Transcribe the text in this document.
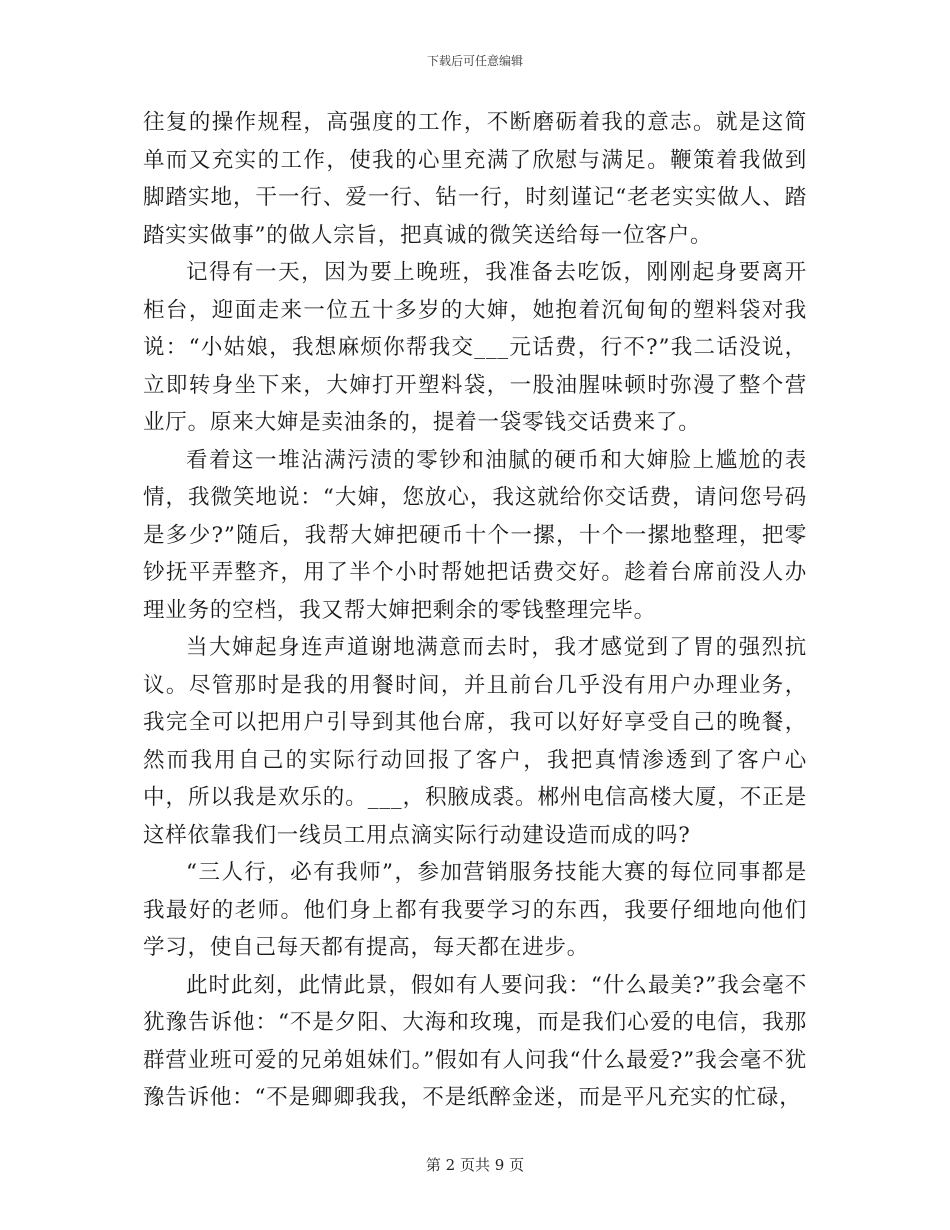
下载后可任意编辑

往复的操作规程，高强度的工作，不断磨砺着我的意志。就是这简单而又充实的工作，使我的心里充满了欣慰与满足。鞭策着我做到脚踏实地，干一行、爱一行、钻一行，时刻谨记“老老实实做人、踏踏实实做事”的做人宗旨，把真诚的微笑送给每一位客户。

记得有一天，因为要上晚班，我准备去吃饭，刚刚起身要离开柜台，迎面走来一位五十多岁的大婶，她抱着沉甸甸的塑料袋对我说：“小姑娘，我想麻烦你帮我交___元话费，行不?”我二话没说，立即转身坐下来，大婶打开塑料袋，一股油腥味顿时弥漫了整个营业厅。原来大婶是卖油条的，提着一袋零钱交话费来了。

看着这一堆沾满污渍的零钞和油腻的硬币和大婶脸上尴尬的表情，我微笑地说：“大婶，您放心，我这就给你交话费，请问您号码是多少?”随后，我帮大婶把硬币十个一摞，十个一摞地整理，把零钞抚平弄整齐，用了半个小时帮她把话费交好。趁着台席前没人办理业务的空档，我又帮大婶把剩余的零钱整理完毕。

当大婶起身连声道谢地满意而去时，我才感觉到了胃的强烈抗议。尽管那时是我的用餐时间，并且前台几乎没有用户办理业务，我完全可以把用户引导到其他台席，我可以好好享受自己的晚餐，然而我用自己的实际行动回报了客户，我把真情渗透到了客户心中，所以我是欢乐的。___，积腋成裘。郴州电信高楼大厦，不正是这样依靠我们一线员工用点滴实际行动建设造而成的吗?

“三人行，必有我师”，参加营销服务技能大赛的每位同事都是我最好的老师。他们身上都有我要学习的东西，我要仔细地向他们学习，使自己每天都有提高，每天都在进步。

此时此刻，此情此景，假如有人要问我：“什么最美?”我会毫不犹豫告诉他：“不是夕阳、大海和玫瑰，而是我们心爱的电信，我那群营业班可爱的兄弟姐妹们。”假如有人问我“什么最爱?”我会毫不犹豫告诉他：“不是卿卿我我，不是纸醉金迷，而是平凡充实的忙碌，

第 2 页共 9 页
